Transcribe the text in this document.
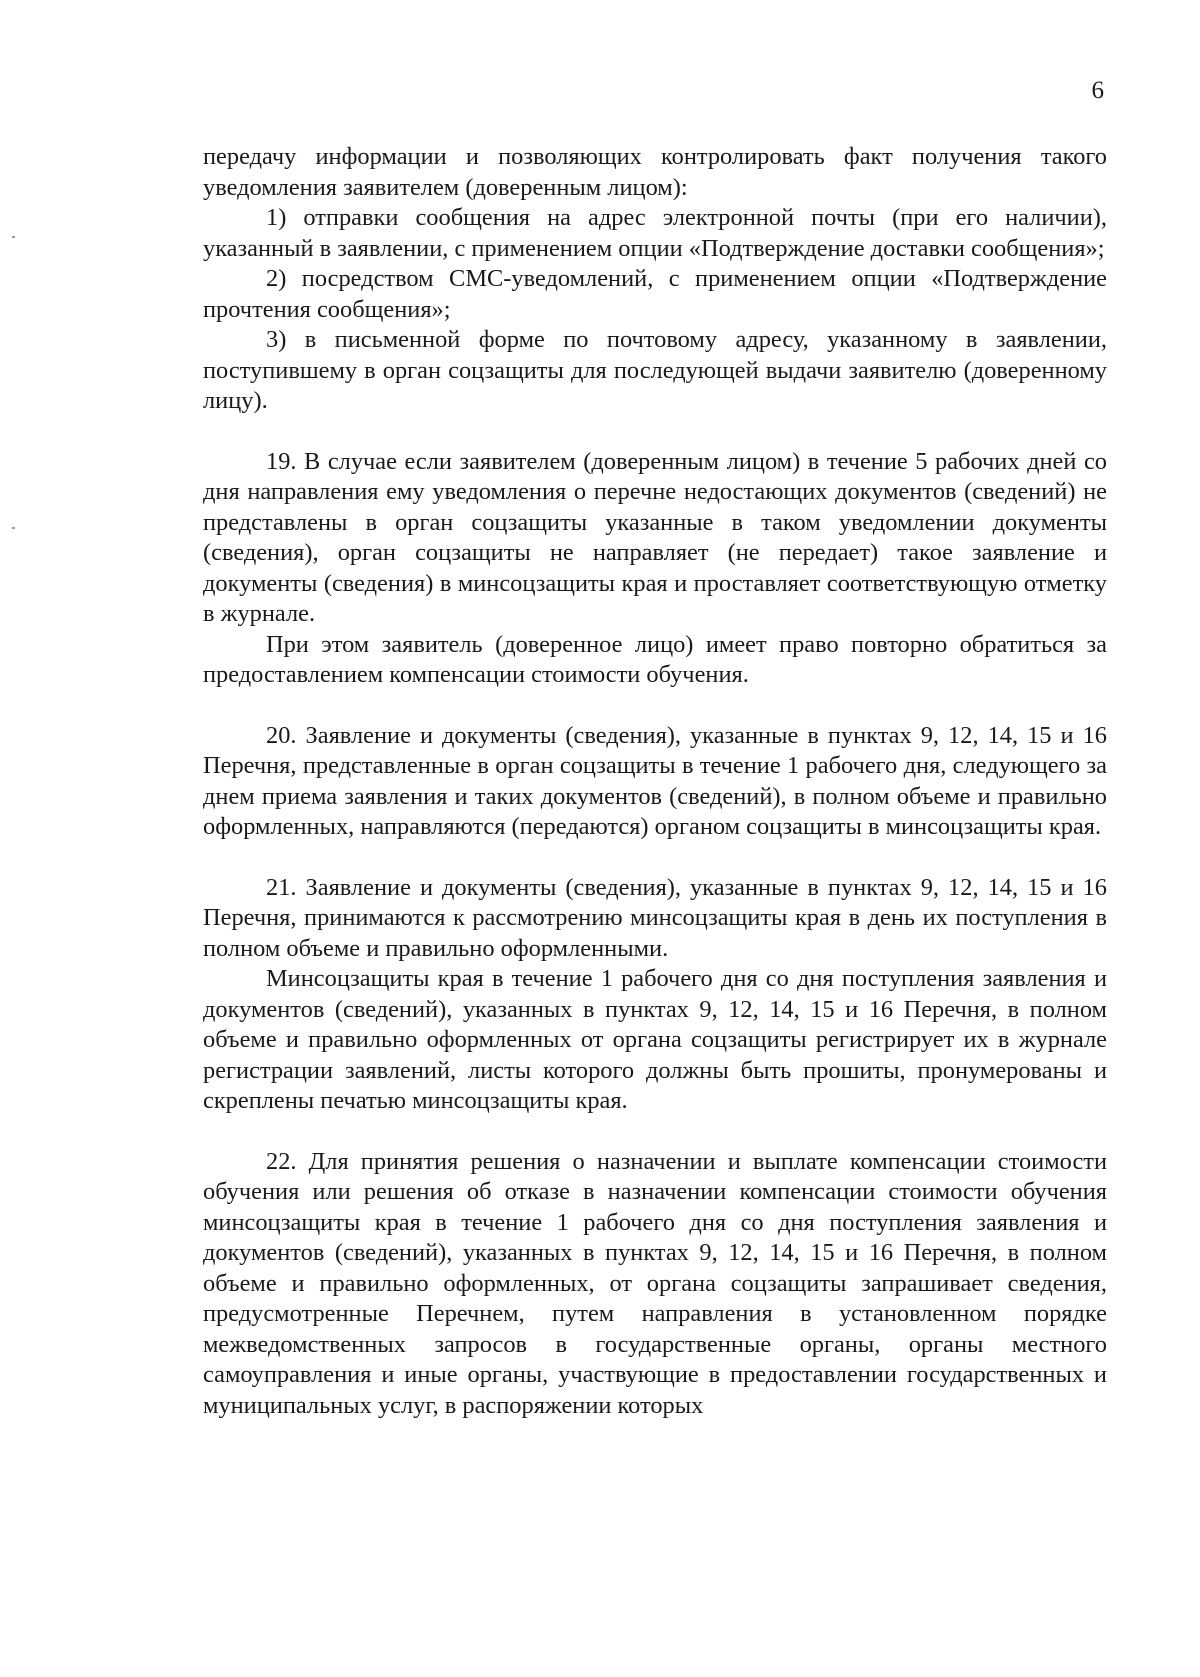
6

передачу информации и позволяющих контролировать факт получения такого уведомления заявителем (доверенным лицом):

1) отправки сообщения на адрес электронной почты (при его наличии), указанный в заявлении, с применением опции «Подтверждение доставки сообщения»;

2) посредством СМС-уведомлений, с применением опции «Подтверждение прочтения сообщения»;

3) в письменной форме по почтовому адресу, указанному в заявлении, поступившему в орган соцзащиты для последующей выдачи заявителю (доверенному лицу).

19. В случае если заявителем (доверенным лицом) в течение 5 рабочих дней со дня направления ему уведомления о перечне недостающих документов (сведений) не представлены в орган соцзащиты указанные в таком уведомлении документы (сведения), орган соцзащиты не направляет (не передает) такое заявление и документы (сведения) в минсоцзащиты края и проставляет соответствующую отметку в журнале.

При этом заявитель (доверенное лицо) имеет право повторно обратиться за предоставлением компенсации стоимости обучения.

20. Заявление и документы (сведения), указанные в пунктах 9, 12, 14, 15 и 16 Перечня, представленные в орган соцзащиты в течение 1 рабочего дня, следующего за днем приема заявления и таких документов (сведений), в полном объеме и правильно оформленных, направляются (передаются) органом соцзащиты в минсоцзащиты края.

21. Заявление и документы (сведения), указанные в пунктах 9, 12, 14, 15 и 16 Перечня, принимаются к рассмотрению минсоцзащиты края в день их поступления в полном объеме и правильно оформленными.

Минсоцзащиты края в течение 1 рабочего дня со дня поступления заявления и документов (сведений), указанных в пунктах 9, 12, 14, 15 и 16 Перечня, в полном объеме и правильно оформленных от органа соцзащиты регистрирует их в журнале регистрации заявлений, листы которого должны быть прошиты, пронумерованы и скреплены печатью минсоцзащиты края.

22. Для принятия решения о назначении и выплате компенсации стоимости обучения или решения об отказе в назначении компенсации стоимости обучения минсоцзащиты края в течение 1 рабочего дня со дня поступления заявления и документов (сведений), указанных в пунктах 9, 12, 14, 15 и 16 Перечня, в полном объеме и правильно оформленных, от органа соцзащиты запрашивает сведения, предусмотренные Перечнем, путем направления в установленном порядке межведомственных запросов в государственные органы, органы местного самоуправления и иные органы, участвующие в предоставлении государственных и муниципальных услуг, в распоряжении которых
